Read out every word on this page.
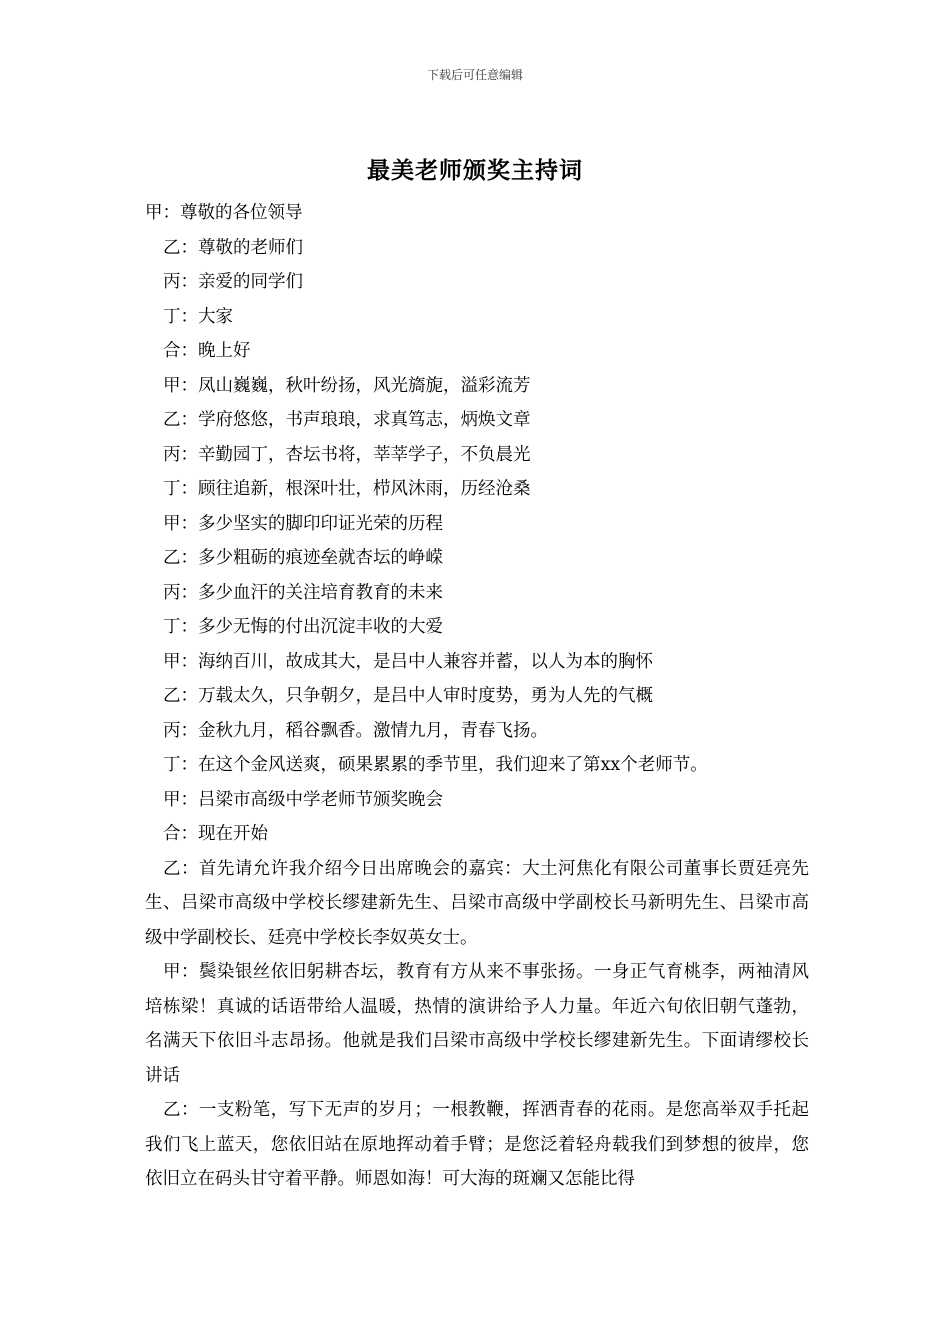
下载后可任意编辑
最美老师颁奖主持词
甲：尊敬的各位领导
乙：尊敬的老师们
丙：亲爱的同学们
丁：大家
合：晚上好
甲：凤山巍巍，秋叶纷扬，风光旖旎，溢彩流芳
乙：学府悠悠，书声琅琅，求真笃志，炳焕文章
丙：辛勤园丁，杏坛书将，莘莘学子，不负晨光
丁：顾往追新，根深叶壮，栉风沐雨，历经沧桑
甲：多少坚实的脚印印证光荣的历程
乙：多少粗砺的痕迹垒就杏坛的峥嵘
丙：多少血汗的关注培育教育的未来
丁：多少无悔的付出沉淀丰收的大爱
甲：海纳百川，故成其大，是吕中人兼容并蓄，以人为本的胸怀
乙：万载太久，只争朝夕，是吕中人审时度势，勇为人先的气概
丙：金秋九月，稻谷飘香。激情九月，青春飞扬。
丁：在这个金风送爽，硕果累累的季节里，我们迎来了第xx个老师节。
甲：吕梁市高级中学老师节颁奖晚会
合：现在开始
乙：首先请允许我介绍今日出席晚会的嘉宾：大土河焦化有限公司董事长贾廷亮先生、吕梁市高级中学校长缪建新先生、吕梁市高级中学副校长马新明先生、吕梁市高级中学副校长、廷亮中学校长李奴英女士。
甲：鬓染银丝依旧躬耕杏坛，教育有方从来不事张扬。一身正气育桃李，两袖清风培栋梁！真诚的话语带给人温暖，热情的演讲给予人力量。年近六旬依旧朝气蓬勃，名满天下依旧斗志昂扬。他就是我们吕梁市高级中学校长缪建新先生。下面请缪校长讲话
乙：一支粉笔，写下无声的岁月；一根教鞭，挥洒青春的花雨。是您高举双手托起我们飞上蓝天，您依旧站在原地挥动着手臂；是您泛着轻舟载我们到梦想的彼岸，您依旧立在码头甘守着平静。师恩如海！可大海的斑斓又怎能比得
